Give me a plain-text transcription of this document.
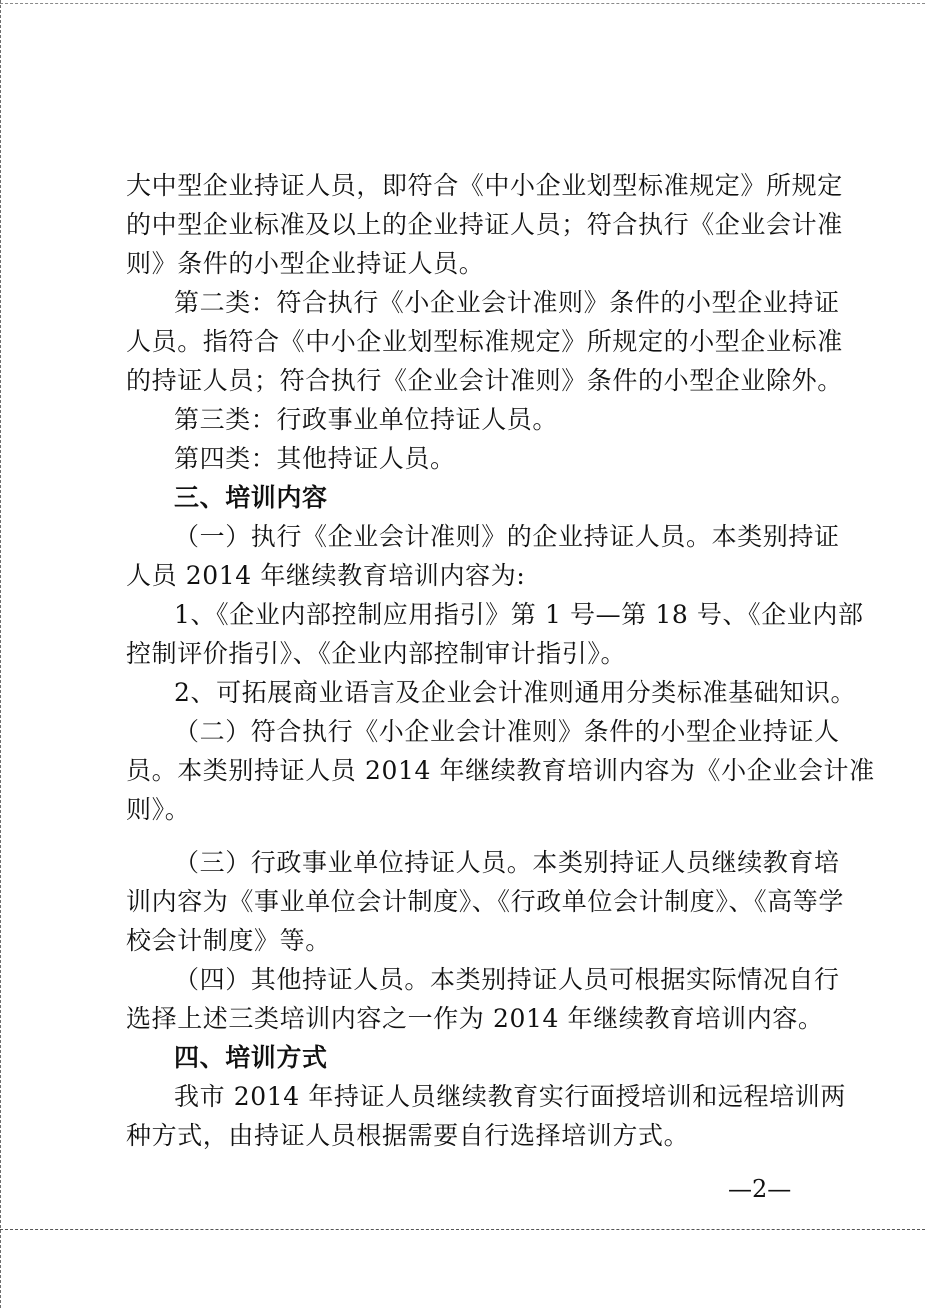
大中型企业持证人员，即符合《中小企业划型标准规定》所规定
的中型企业标准及以上的企业持证人员；符合执行《企业会计准
则》条件的小型企业持证人员。
第二类：符合执行《小企业会计准则》条件的小型企业持证
人员。指符合《中小企业划型标准规定》所规定的小型企业标准
的持证人员；符合执行《企业会计准则》条件的小型企业除外。
第三类：行政事业单位持证人员。
第四类：其他持证人员。
三、培训内容
（一）执行《企业会计准则》的企业持证人员。本类别持证
人员 2014 年继续教育培训内容为:
1、《企业内部控制应用指引》第 1 号—第 18 号、《企业内部
控制评价指引》、《企业内部控制审计指引》。
2、可拓展商业语言及企业会计准则通用分类标准基础知识。
（二）符合执行《小企业会计准则》条件的小型企业持证人
员。本类别持证人员 2014 年继续教育培训内容为《小企业会计准
则》。
（三）行政事业单位持证人员。本类别持证人员继续教育培
训内容为《事业单位会计制度》、《行政单位会计制度》、《高等学
校会计制度》等。
（四）其他持证人员。本类别持证人员可根据实际情况自行
选择上述三类培训内容之一作为 2014 年继续教育培训内容。
四、培训方式
我市 2014 年持证人员继续教育实行面授培训和远程培训两
种方式，由持证人员根据需要自行选择培训方式。
—2—
